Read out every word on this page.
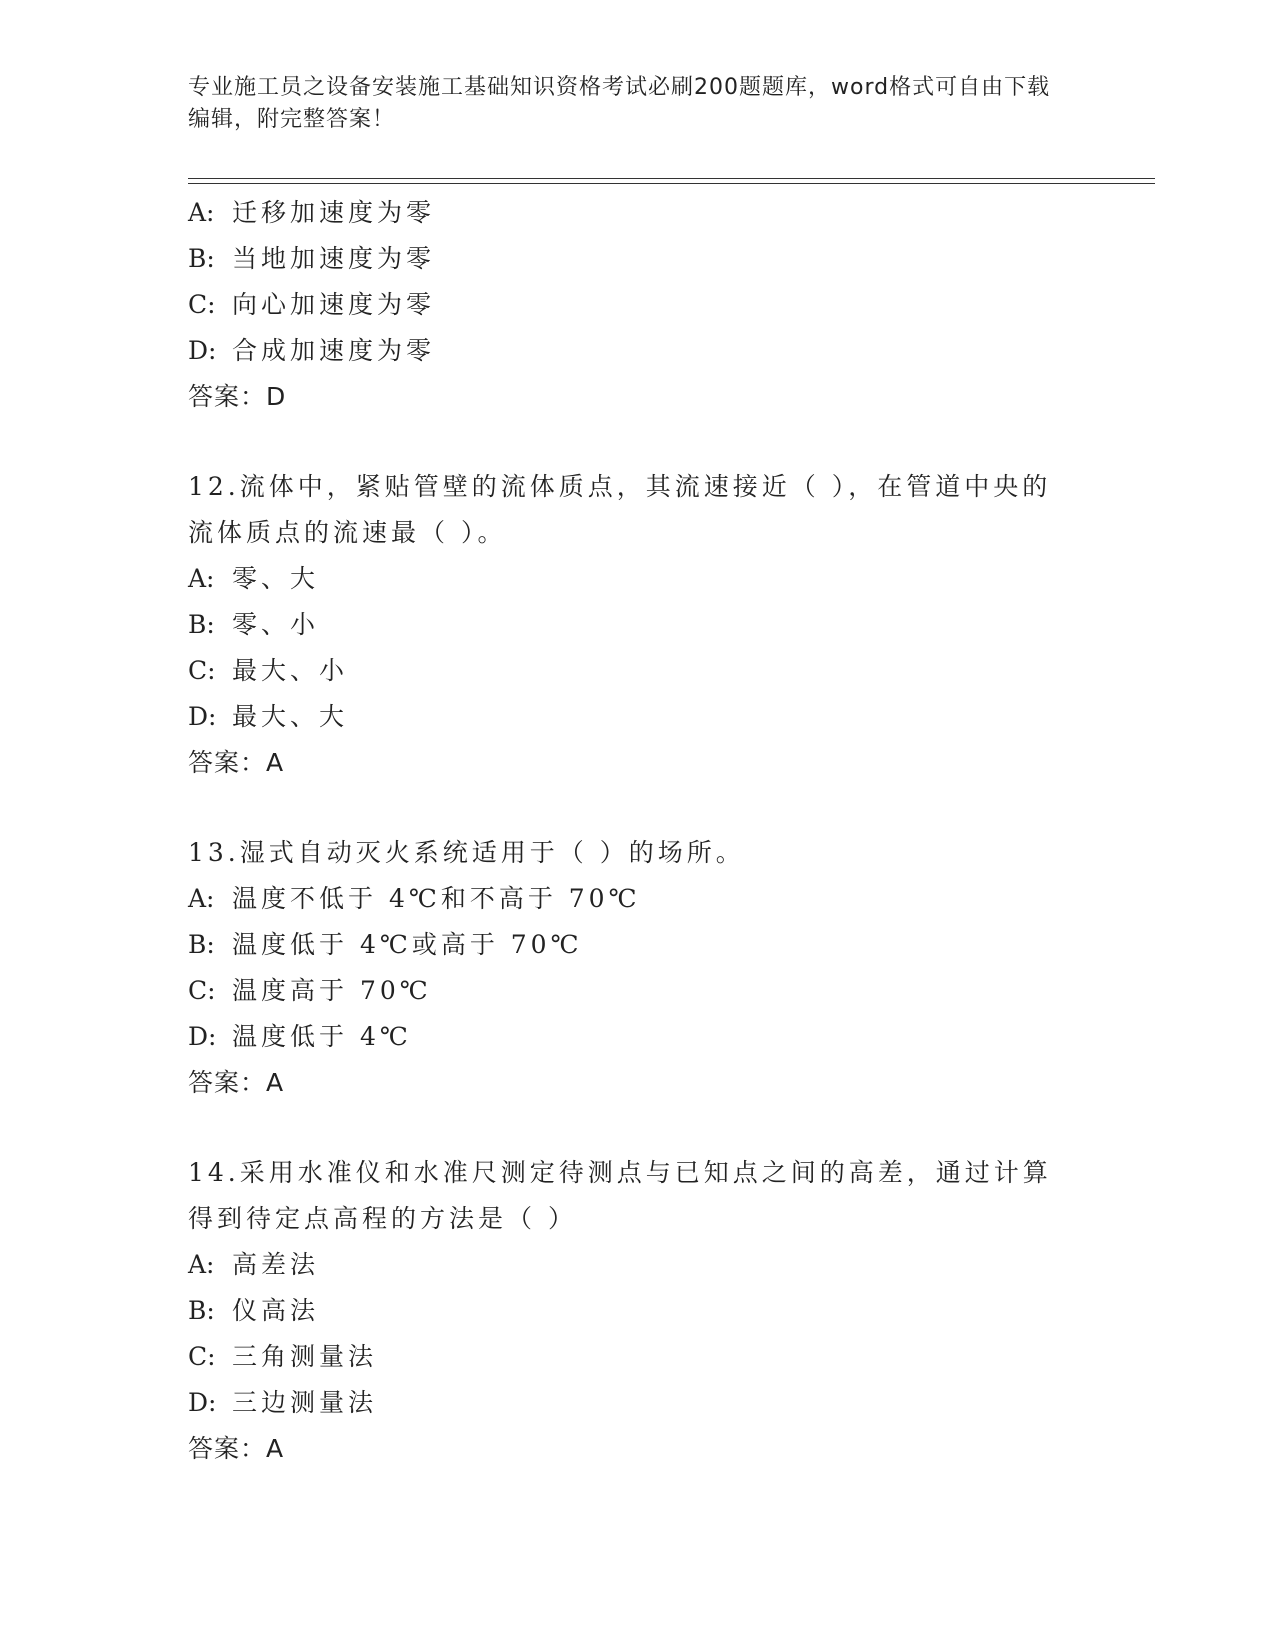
专业施工员之设备安装施工基础知识资格考试必刷200题题库，word格式可自由下载编辑，附完整答案！
A: 迁移加速度为零
B: 当地加速度为零
C: 向心加速度为零
D: 合成加速度为零
答案：D
12.流体中，紧贴管壁的流体质点，其流速接近（ ），在管道中央的流体质点的流速最（ ）。
A: 零、大
B: 零、小
C: 最大、小
D: 最大、大
答案：A
13.湿式自动灭火系统适用于（ ）的场所。
A: 温度不低于 4℃和不高于 70℃
B: 温度低于 4℃或高于 70℃
C: 温度高于 70℃
D: 温度低于 4℃
答案：A
14.采用水准仪和水准尺测定待测点与已知点之间的高差，通过计算得到待定点高程的方法是（ ）
A: 高差法
B: 仪高法
C: 三角测量法
D: 三边测量法
答案：A
